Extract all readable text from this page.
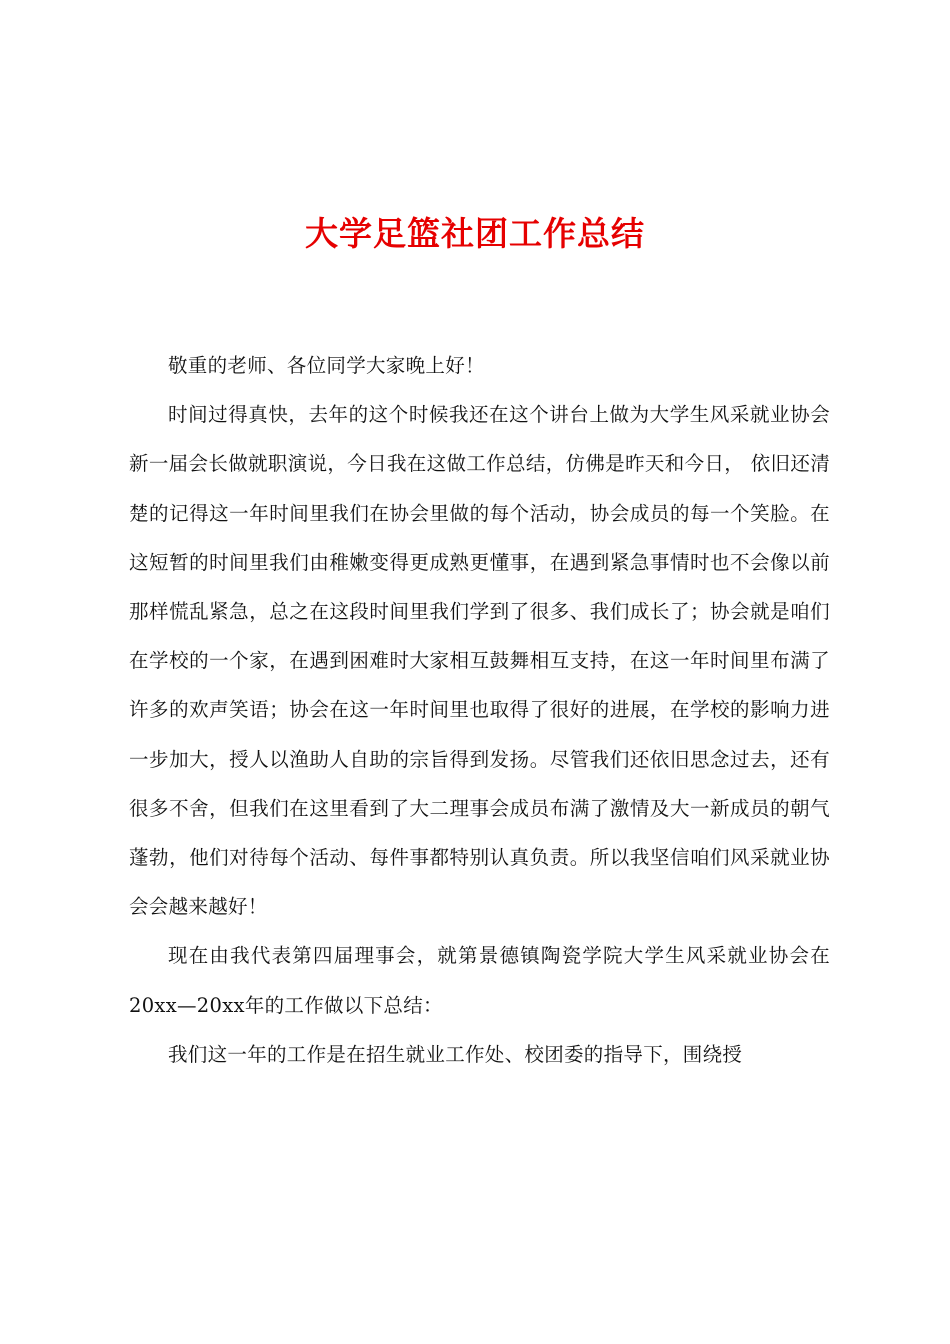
大学足篮社团工作总结

敬重的老师、各位同学大家晚上好！

时间过得真快，去年的这个时候我还在这个讲台上做为大学生风采就业协会新一届会长做就职演说，今日我在这做工作总结，仿佛是昨天和今日， 依旧还清楚的记得这一年时间里我们在协会里做的每个活动，协会成员的每一个笑脸。在这短暂的时间里我们由稚嫩变得更成熟更懂事，在遇到紧急事情时也不会像以前那样慌乱紧急，总之在这段时间里我们学到了很多、我们成长了；协会就是咱们在学校的一个家，在遇到困难时大家相互鼓舞相互支持，在这一年时间里布满了许多的欢声笑语；协会在这一年时间里也取得了很好的进展，在学校的影响力进一步加大，授人以渔助人自助的宗旨得到发扬。尽管我们还依旧思念过去，还有很多不舍，但我们在这里看到了大二理事会成员布满了激情及大一新成员的朝气蓬勃，他们对待每个活动、每件事都特别认真负责。所以我坚信咱们风采就业协会会越来越好！

现在由我代表第四届理事会，就第景德镇陶瓷学院大学生风采就业协会在20xx—20xx年的工作做以下总结：

我们这一年的工作是在招生就业工作处、校团委的指导下，围绕授
